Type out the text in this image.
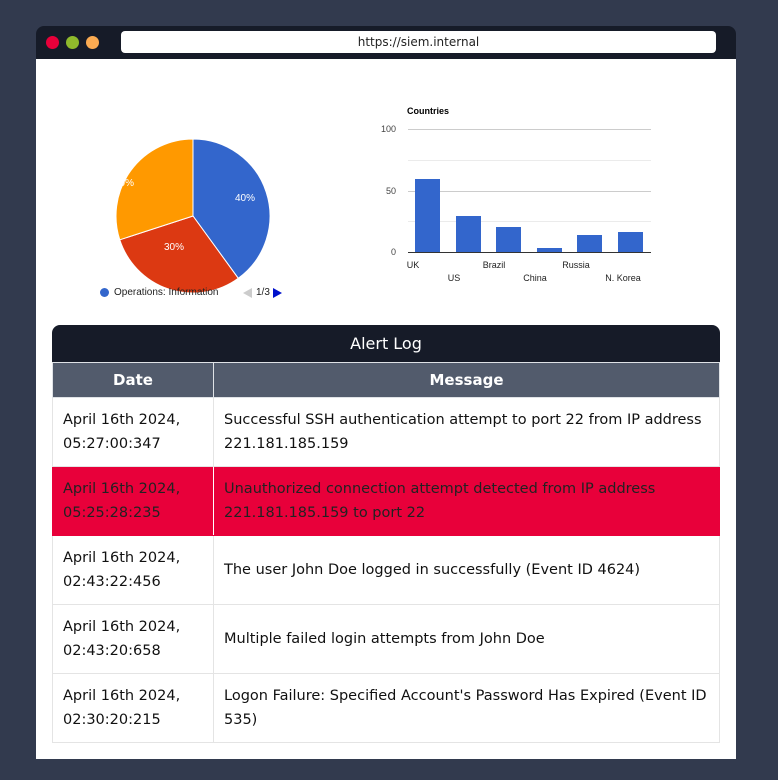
https://siem.internal
40%
30%
30%
Operations: Information	1/3
Countries
100
50
0
UK
US
Brazil
China
Russia
N. Korea
Alert Log
Date	Message
April 16th 2024,
05:27:00:347	Successful SSH authentication attempt to port 22 from IP address 221.181.185.159
April 16th 2024,
05:25:28:235	Unauthorized connection attempt detected from IP address 221.181.185.159 to port 22
April 16th 2024,
02:43:22:456	The user John Doe logged in successfully (Event ID 4624)
April 16th 2024,
02:43:20:658	Multiple failed login attempts from John Doe
April 16th 2024,
02:30:20:215	Logon Failure: Specified Account's Password Has Expired (Event ID 535)
